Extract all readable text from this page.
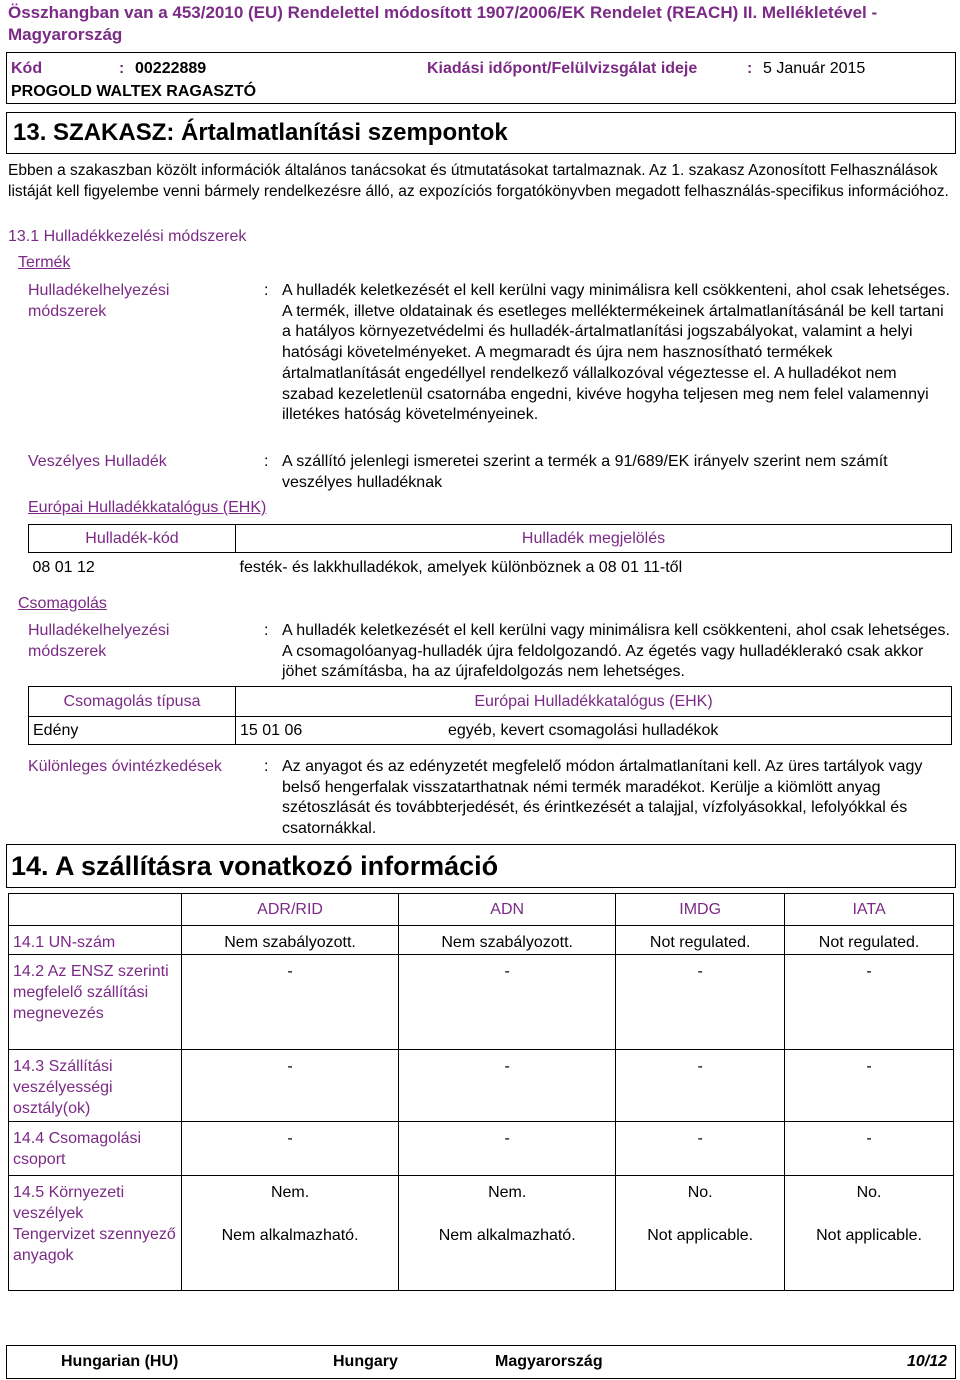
Összhangban van a 453/2010 (EU) Rendelettel módosított 1907/2006/EK Rendelet (REACH) II. Mellékletével - Magyarország
Kód	: 00222889	Kiadási időpont/Felülvizsgálat ideje	: 5 Január 2015
PROGOLD WALTEX RAGASZTÓ
13. SZAKASZ: Ártalmatlanítási szempontok
Ebben a szakaszban közölt információk általános tanácsokat és útmutatásokat tartalmaznak. Az 1. szakasz Azonosított Felhasználások listáját kell figyelembe venni bármely rendelkezésre álló, az expozíciós forgatókönyvben megadott felhasználás-specifikus információhoz.
13.1 Hulladékkezelési módszerek
Termék
Hulladékelhelyezési módszerek
: A hulladék keletkezését el kell kerülni vagy minimálisra kell csökkenteni, ahol csak lehetséges. A termék, illetve oldatainak és esetleges melléktermékeinek ártalmatlanításánál be kell tartani a hatályos környezetvédelmi és hulladék-ártalmatlanítási jogszabályokat, valamint a helyi hatósági követelményeket. A megmaradt és újra nem hasznosítható termékek ártalmatlanítását engedéllyel rendelkező vállalkozóval végeztesse el. A hulladékot nem szabad kezeletlenül csatornába engedni, kivéve hogyha teljesen meg nem felel valamennyi illetékes hatóság követelményeinek.
Veszélyes Hulladék	: A szállító jelenlegi ismeretei szerint a termék a 91/689/EK irányelv szerint nem számít veszélyes hulladéknak
Európai Hulladékkatalógus (EHK)
Hulladék-kód	Hulladék megjelölés
08 01 12	festék- és lakkhulladékok, amelyek különböznek a 08 01 11-től
Csomagolás
Hulladékelhelyezési módszerek
: A hulladék keletkezését el kell kerülni vagy minimálisra kell csökkenteni, ahol csak lehetséges. A csomagolóanyag-hulladék újra feldolgozandó. Az égetés vagy hulladéklerakó csak akkor jöhet számításba, ha az újrafeldolgozás nem lehetséges.
Csomagolás típusa	Európai Hulladékkatalógus (EHK)	
Edény	15 01 06	egyéb, kevert csomagolási hulladékok
Különleges óvintézkedések	: Az anyagot és az edényzetét megfelelő módon ártalmatlanítani kell. Az üres tartályok vagy belső hengerfalak visszatarthatnak némi termék maradékot. Kerülje a kiömlött anyag szétoszlását és továbbterjedését, és érintkezését a talajjal, vízfolyásokkal, lefolyókkal és csatornákkal.
14. A szállításra vonatkozó információ
	ADR/RID	ADN	IMDG	IATA
14.1 UN-szám	Nem szabályozott.	Nem szabályozott.	Not regulated.	Not regulated.
14.2 Az ENSZ szerinti megfelelő szállítási megnevezés	-	-	-	-
14.3 Szállítási veszélyességi osztály(ok)	-	-	-	-
14.4 Csomagolási csoport	-	-	-	-
14.5 Környezeti veszélyek	Nem.	Nem.	No.	No.
Tengervizet szennyező anyagok	Nem alkalmazható.	Nem alkalmazható.	Not applicable.	Not applicable.
Hungarian (HU)	Hungary	Magyarország	10/12
